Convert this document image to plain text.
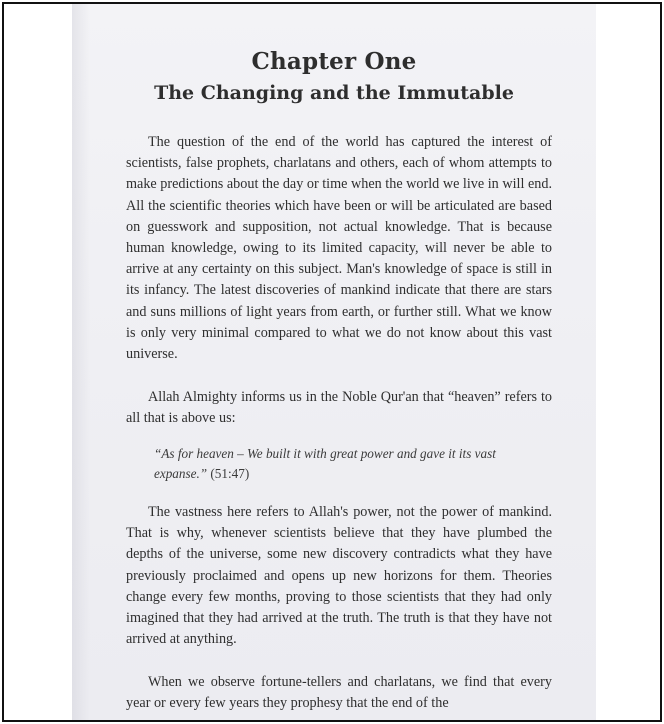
Chapter One
The Changing and the Immutable

The question of the end of the world has captured the interest of scientists, false prophets, charlatans and others, each of whom attempts to make predictions about the day or time when the world we live in will end. All the scientific theories which have been or will be articulated are based on guesswork and supposition, not actual knowledge. That is because human knowledge, owing to its limited capacity, will never be able to arrive at any certainty on this subject. Man's knowledge of space is still in its infancy. The latest discoveries of mankind indicate that there are stars and suns millions of light years from earth, or further still. What we know is only very minimal compared to what we do not know about this vast universe.

Allah Almighty informs us in the Noble Qur'an that “heaven” refers to all that is above us:

“As for heaven – We built it with great power and gave it its vast expanse.” (51:47)

The vastness here refers to Allah's power, not the power of mankind. That is why, whenever scientists believe that they have plumbed the depths of the universe, some new discovery contradicts what they have previously proclaimed and opens up new horizons for them. Theories change every few months, proving to those scientists that they had only imagined that they had arrived at the truth. The truth is that they have not arrived at anything.

When we observe fortune-tellers and charlatans, we find that every year or every few years they prophesy that the end of the
